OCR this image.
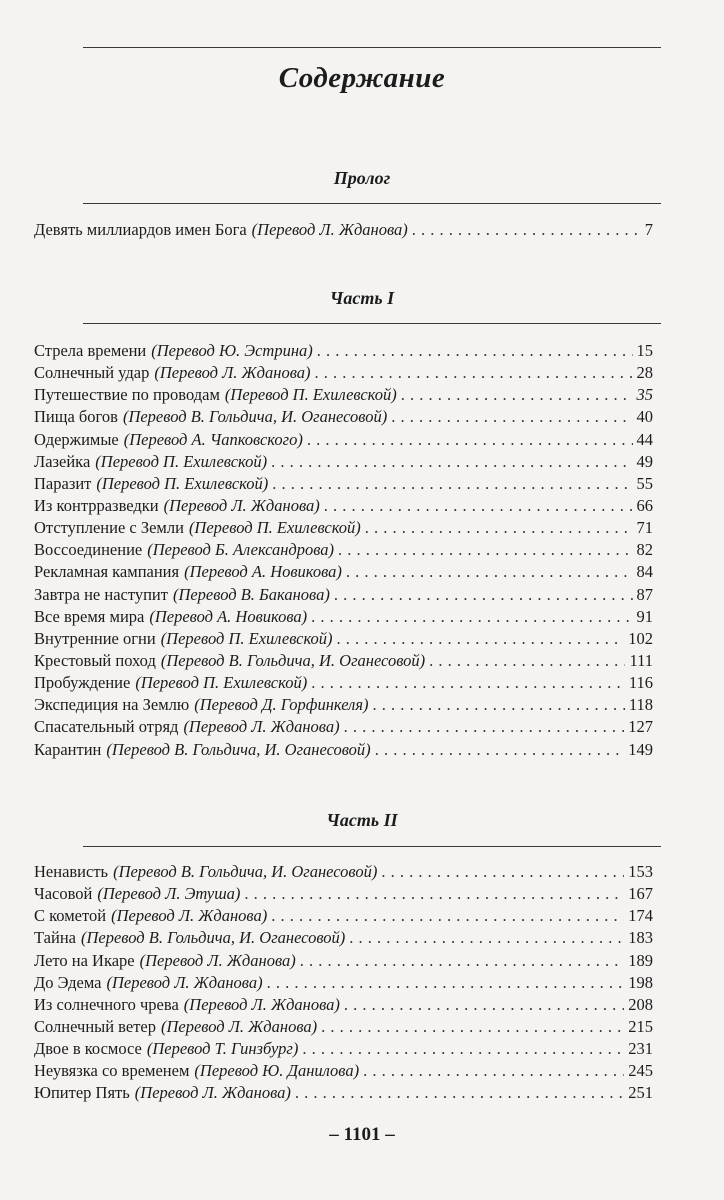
Содержание
Пролог
Девять миллиардов имен Бога (Перевод Л. Жданова) . . .	7
Часть I
Стрела времени (Перевод Ю. Эстрина) . . .	15
Солнечный удар (Перевод Л. Жданова) . . .	28
Путешествие по проводам (Перевод П. Ехилевской) . . .	35
Пища богов (Перевод В. Гольдича, И. Оганесовой) . . .	40
Одержимые (Перевод А. Чапковского) . . .	44
Лазейка (Перевод П. Ехилевской) . . .	49
Паразит (Перевод П. Ехилевской) . . .	55
Из контрразведки (Перевод Л. Жданова) . . .	66
Отступление с Земли (Перевод П. Ехилевской) . . .	71
Воссоединение (Перевод Б. Александрова) . . .	82
Рекламная кампания (Перевод А. Новикова) . . .	84
Завтра не наступит (Перевод В. Баканова) . . .	87
Все время мира (Перевод А. Новикова) . . .	91
Внутренние огни (Перевод П. Ехилевской) . . .	102
Крестовый поход (Перевод В. Гольдича, И. Оганесовой) . . .	111
Пробуждение (Перевод П. Ехилевской) . . .	116
Экспедиция на Землю (Перевод Д. Горфинкеля) . . .	118
Спасательный отряд (Перевод Л. Жданова) . . .	127
Карантин (Перевод В. Гольдича, И. Оганесовой) . . .	149
Часть II
Ненависть (Перевод В. Гольдича, И. Оганесовой) . . .	153
Часовой (Перевод Л. Этуша) . . .	167
С кометой (Перевод Л. Жданова) . . .	174
Тайна (Перевод В. Гольдича, И. Оганесовой) . . .	183
Лето на Икаре (Перевод Л. Жданова) . . .	189
До Эдема (Перевод Л. Жданова) . . .	198
Из солнечного чрева (Перевод Л. Жданова) . . .	208
Солнечный ветер (Перевод Л. Жданова) . . .	215
Двое в космосе (Перевод Т. Гинзбург) . . .	231
Неувязка со временем (Перевод Ю. Данилова) . . .	245
Юпитер Пять (Перевод Л. Жданова) . . .	251
– 1101 –
